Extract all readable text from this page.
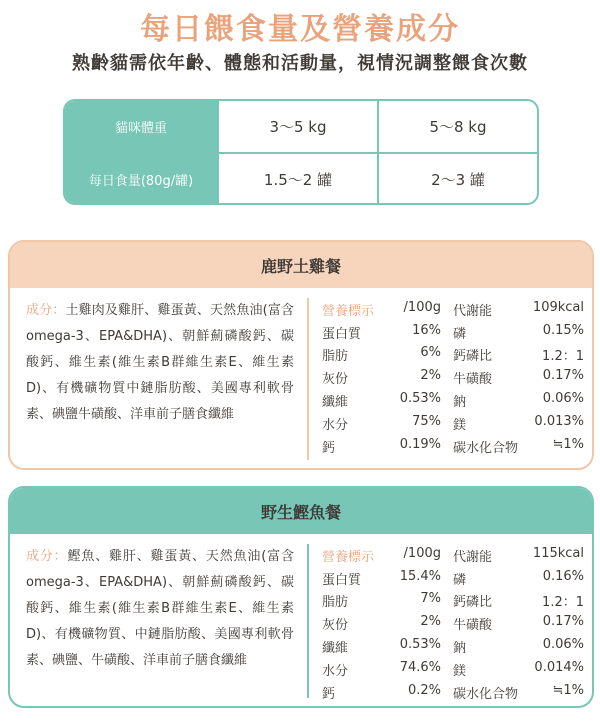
每日餵食量及營養成分
熟齡貓需依年齡、體態和活動量，視情況調整餵食次數
貓咪體重	3～5 kg	5～8 kg
每日食量(80g/罐)	1.5～2 罐	2～3 罐
鹿野土雞餐
成分：土雞肉及雞肝、雞蛋黃、天然魚油(富含omega-3、EPA&DHA)、朝鮮薊磷酸鈣、碳酸鈣、維生素(維生素B群維生素E、維生素D)、有機礦物質中鏈脂肪酸、美國專利軟骨素、碘鹽牛磺酸、洋車前子膳食纖維
營養標示 /100g 代謝能	109kcal
蛋白質	16% 磷	0.15%
脂肪	6% 鈣磷比	1.2：1
灰份	2% 牛磺酸	0.17%
纖維	0.53% 鈉	0.06%
水分	75% 鎂	0.013%
鈣	0.19% 碳水化合物	≒1%
野生鰹魚餐
成分：鰹魚、雞肝、雞蛋黃、天然魚油(富含omega-3、EPA&DHA)、朝鮮薊磷酸鈣、碳酸鈣、維生素(維生素B群維生素E、維生素D)、有機礦物質、中鏈脂肪酸、美國專利軟骨素、碘鹽、牛磺酸、洋車前子膳食纖維
營養標示 /100g 代謝能	115kcal
蛋白質	15.4% 磷	0.16%
脂肪	7% 鈣磷比	1.2：1
灰份	2% 牛磺酸	0.17%
纖維	0.53% 鈉	0.06%
水分	74.6% 鎂	0.014%
鈣	0.2% 碳水化合物	≒1%
